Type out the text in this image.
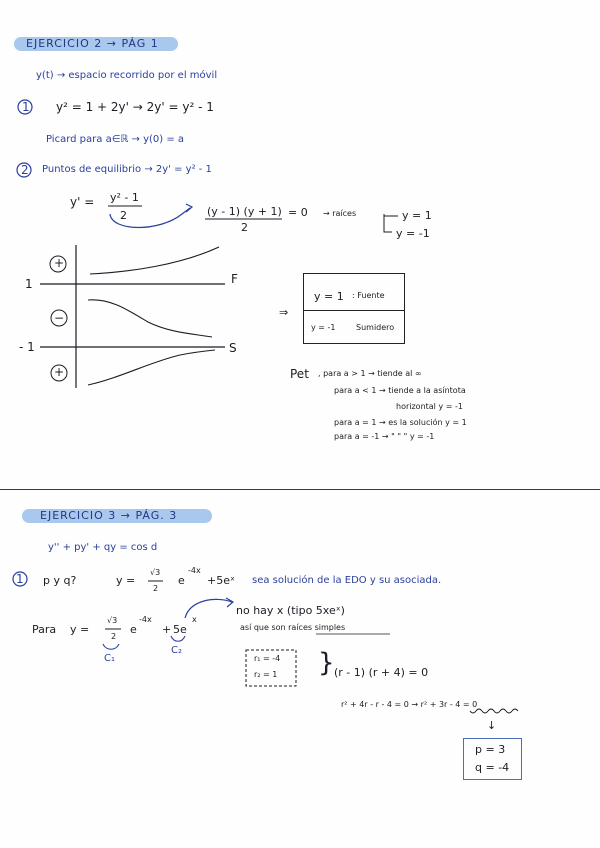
EJERCICIO 2 → PÁG 1
y(t) → espacio recorrido por el móvil
1 y² = 1 + 2y' → 2y' = y² - 1
Picard para a∈ℝ → y(0) = a
2 Puntos de equilibrio → 2y' = y² - 1
y' = y² - 1
2	(y - 1) (y + 1) = 0
2
→ raíces	y = 1
y = -1
+
−
+
1
- 1
F
S
⇒
y = 1 : Fuente
y = -1	Sumidero
Pet , para a > 1 → tiende al ∞
para a < 1 → tiende a la asíntota
horizontal y = -1
para a = 1 → es la solución y = 1
para a = -1 → " " " y = -1
EJERCICIO 3 → PÁG. 3
y'' + py' + qy = cos d
1 p y q?	y =
√3
2
e
-4x
+5eˣ sea solución de la EDO y su asociada.
Para y =
√3
2
e
-4x
+ 5e
x
C₁
C₂
no hay x (tipo 5xeˣ)
así que son raíces simples
r₁ = -4
r₂ = 1 } (r - 1) (r + 4) = 0
r² + 4r - r - 4 = 0 → r² + 3r - 4 = 0
↓
p = 3
q = -4
